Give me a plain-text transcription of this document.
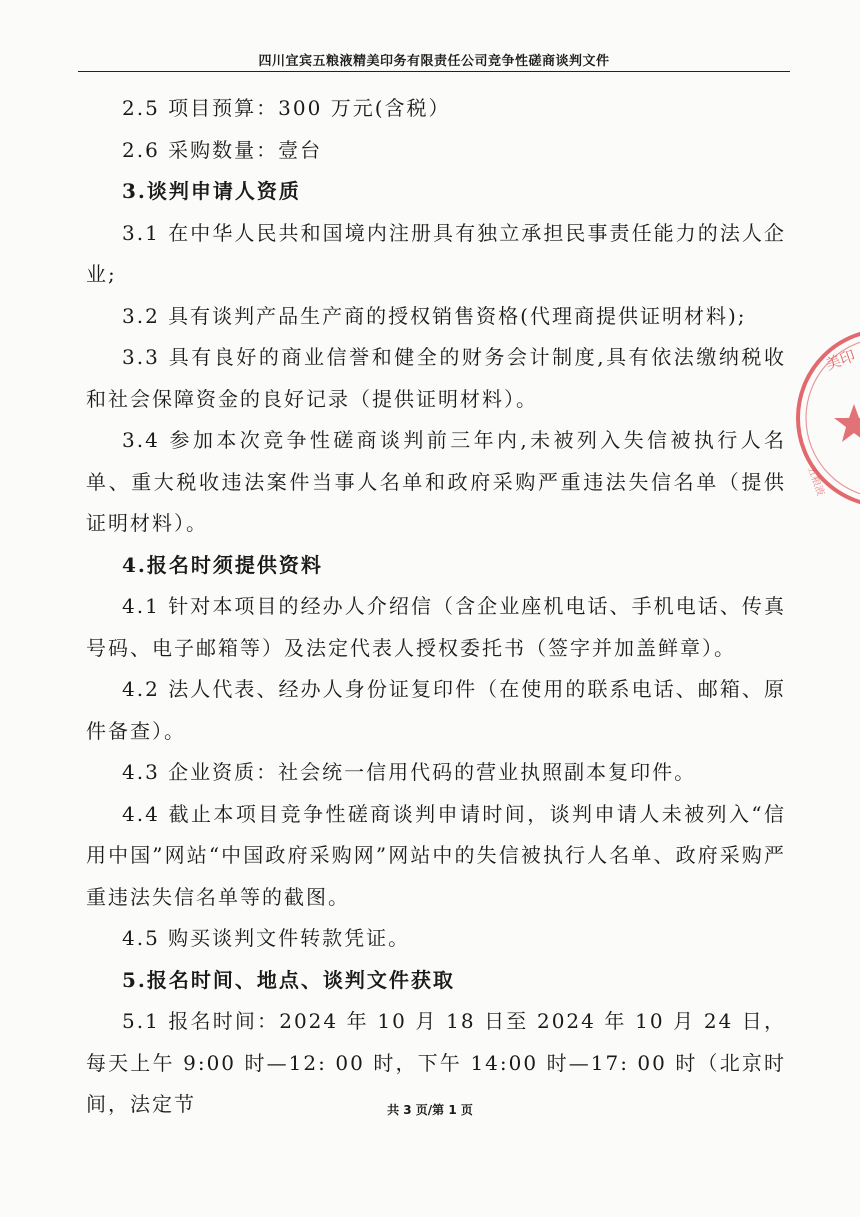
四川宜宾五粮液精美印务有限责任公司竞争性磋商谈判文件

2.5 项目预算：300 万元(含税）

2.6 采购数量：壹台

3.谈判申请人资质

3.1 在中华人民共和国境内注册具有独立承担民事责任能力的法人企业;

3.2 具有谈判产品生产商的授权销售资格(代理商提供证明材料);

3.3 具有良好的商业信誉和健全的财务会计制度,具有依法缴纳税收和社会保障资金的良好记录（提供证明材料）。

3.4 参加本次竞争性磋商谈判前三年内,未被列入失信被执行人名单、重大税收违法案件当事人名单和政府采购严重违法失信名单（提供证明材料）。

4.报名时须提供资料

4.1 针对本项目的经办人介绍信（含企业座机电话、手机电话、传真号码、电子邮箱等）及法定代表人授权委托书（签字并加盖鲜章）。

4.2 法人代表、经办人身份证复印件（在使用的联系电话、邮箱、原件备查）。

4.3 企业资质：社会统一信用代码的营业执照副本复印件。

4.4 截止本项目竞争性磋商谈判申请时间，谈判申请人未被列入“信用中国”网站“中国政府采购网”网站中的失信被执行人名单、政府采购严重违法失信名单等的截图。

4.5 购买谈判文件转款凭证。

5.报名时间、地点、谈判文件获取

5.1 报名时间：2024 年 10 月 18 日至 2024 年 10 月 24 日，每天上午 9:00 时—12: 00 时，下午 14:00 时—17: 00 时（北京时间，法定节

美印
五粮液
共 3 页/第 1 页
